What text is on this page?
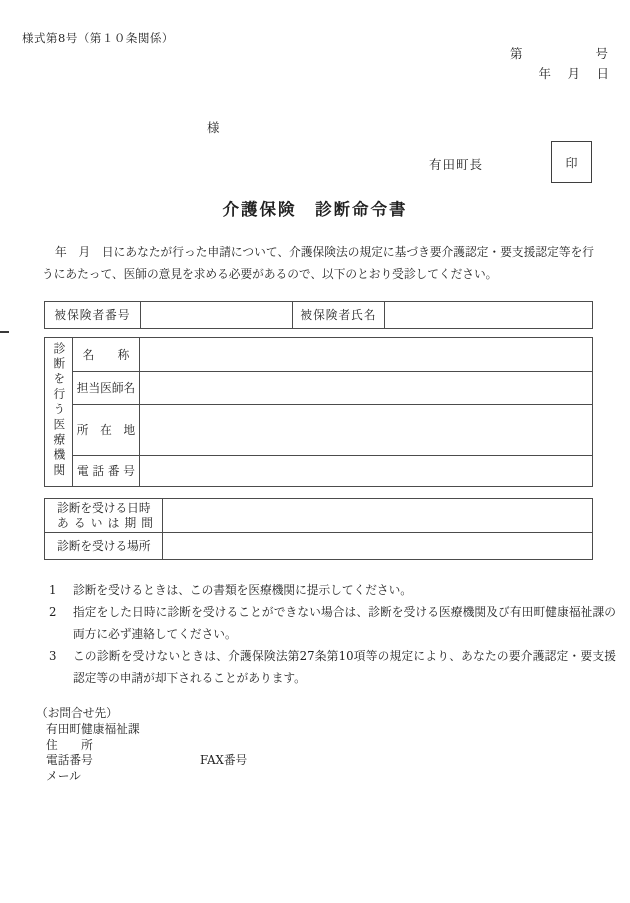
様式第8号（第１０条関係）
第	号
年　月　日
様
有田町長	印
介護保険　診断命令書

年　月　日にあなたが行った申請について、介護保険法の規定に基づき要介護認定・要支援認定等を行うにあたって、医師の意見を求める必要があるので、以下のとおり受診してください。

被保険者番号		被保険者氏名	
診断を行う医療機関	名　　称	
	担当医師名	
	所　在　地	
	電 話 番 号	
診断を受ける日時
あるいは期間	

診断を受ける場所	

1	診断を受けるときは、この書類を医療機関に提示してください。
2	指定をした日時に診断を受けることができない場合は、診断を受ける医療機関及び有田町健康福祉課の両方に必ず連絡してください。
3	この診断を受けないときは、介護保険法第27条第10項等の規定により、あなたの要介護認定・要支援認定等の申請が却下されることがあります。
（お問合せ先）
有田町健康福祉課
住　　所
電話番号	FAX番号
メール
